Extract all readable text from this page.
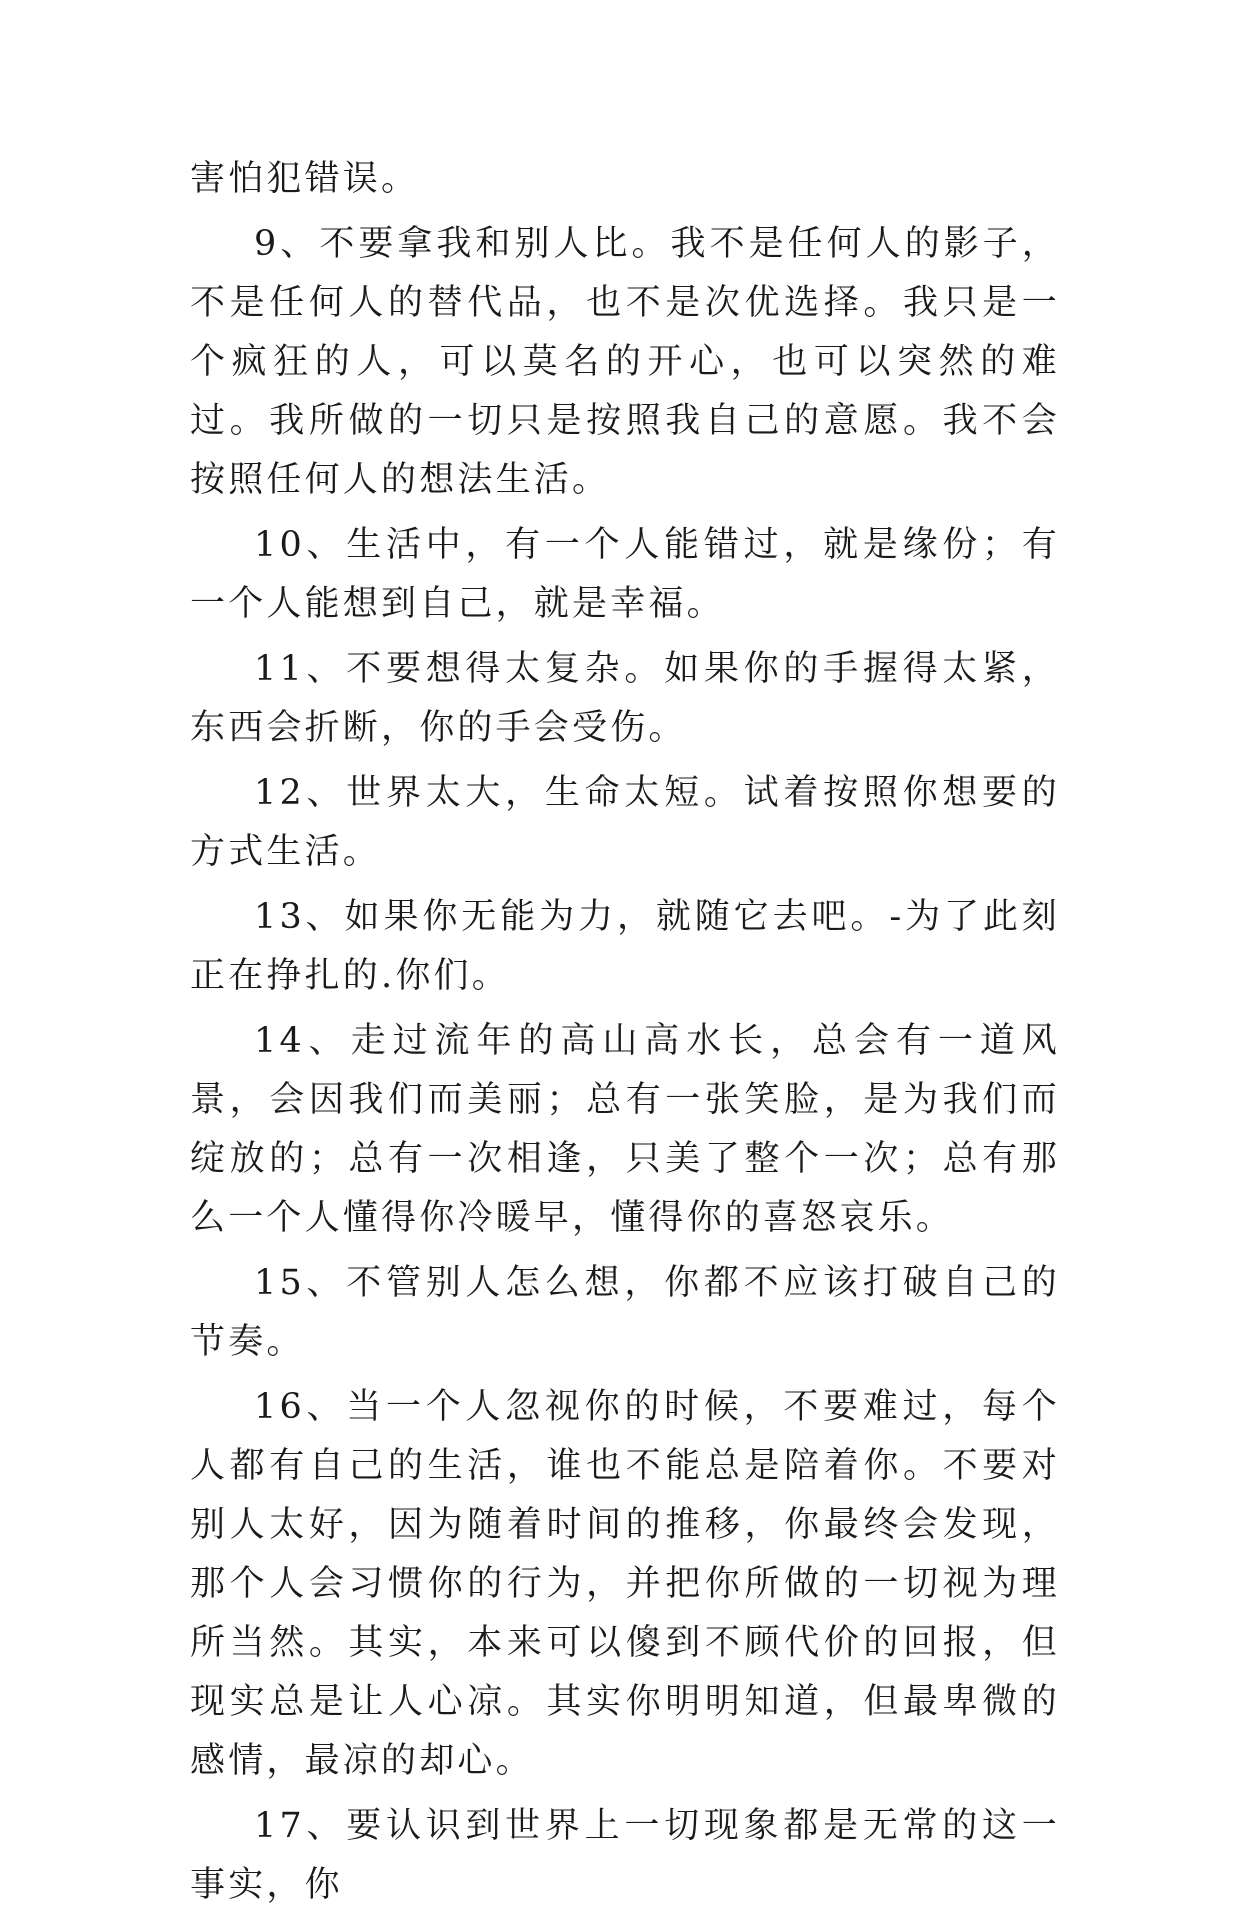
害怕犯错误。

9、不要拿我和别人比。我不是任何人的影子，不是任何人的替代品，也不是次优选择。我只是一个疯狂的人，可以莫名的开心，也可以突然的难过。我所做的一切只是按照我自己的意愿。我不会按照任何人的想法生活。

10、生活中，有一个人能错过，就是缘份；有一个人能想到自己，就是幸福。

11、不要想得太复杂。如果你的手握得太紧，东西会折断，你的手会受伤。

12、世界太大，生命太短。试着按照你想要的方式生活。

13、如果你无能为力，就随它去吧。-为了此刻正在挣扎的.你们。

14、走过流年的高山高水长，总会有一道风景，会因我们而美丽；总有一张笑脸，是为我们而绽放的；总有一次相逢，只美了整个一次；总有那么一个人懂得你冷暖早，懂得你的喜怒哀乐。

15、不管别人怎么想，你都不应该打破自己的节奏。

16、当一个人忽视你的时候，不要难过，每个人都有自己的生活，谁也不能总是陪着你。不要对别人太好，因为随着时间的推移，你最终会发现，那个人会习惯你的行为，并把你所做的一切视为理所当然。其实，本来可以傻到不顾代价的回报，但现实总是让人心凉。其实你明明知道，但最卑微的感情，最凉的却心。

17、要认识到世界上一切现象都是无常的这一事实，你
